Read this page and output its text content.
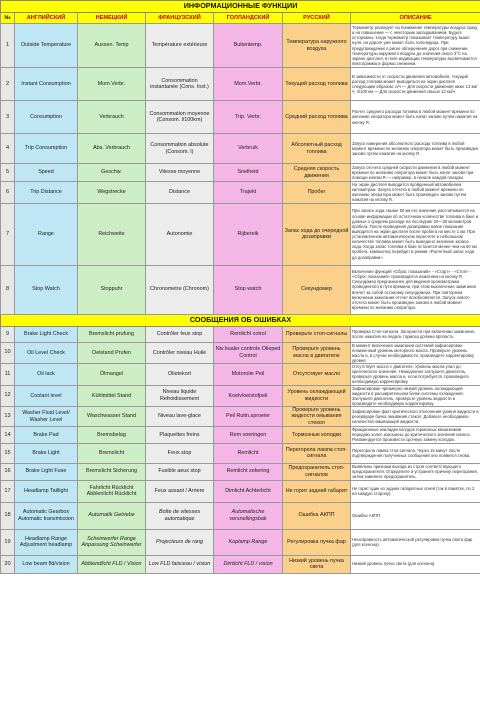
ИНФОРМАЦИОННЫЕ ФУНКЦИИ						
№	АНГЛИЙСКИЙ	НЕМЕЦКИЙ	ФРАНЦУЗСКИЙ	ГОЛЛАНДСКИЙ	РУССКИЙ	ОПИСАНИЕ
1	Outside Temperature	Aussen. Temp	Température extérieure	Buitentemp.	Температура наружного воздуха	Термометр реагирует на понижение температуры воздуха сразу, а на повышение — с некоторым запаздыванием. Будьте осторожны: когда термометр показывает температуру выше нуля, на дороге уже может быть гололедица. При предупреждении о риске обледенения дорог при снижении температуры наружного воздуха до значения около 3°C на экране дисплея, в поле индикации температуры высвечивается пиктограмма и формы снежинки.
2	Instant Consumption	Mom.Verbr.	Consommation instantanée (Cons. Inst.)	Mom.Verbr.	Текущий расход топлива	В зависимости от скорости движения автомобиля, текущий расход топлива может выводиться на экран дисплея следующим образом: л/ч — Для скорости движения ниже 13 км/ч; л/100 км — Для скорости движения свыше 13 км/ч.
3	Consumption	Verbrauch	Consommation moyenne (Consom. l/100km)	Trip. Verbr.	Средний расход топлива	Расчет среднего расхода топлива в любой момент времени по желанию оператора может быть начат заново путем нажатия на кнопку R.
4	Trip Consumption	Abs. Verbrauch	Consommation absolute (Consom. l)	Verbruik	Абсолютный расход топлива	Запуск измерения абсолютного расхода топлива в любой момент времени по желанию оператора может быть произведен заново путем нажатия на кнопку R.
5	Speed	Geschw.	Vitesse moyenne	Snelheid	Средняя скорость движения	Запуск отсчета средней скорости движения в любой момент времени по желанию оператора может быть начат заново при помощи кнопки R — например, в начале каждой поездки.
6	Trip Distance	Wegstrecke	Distance	Trajekt	Пробег	На экран дисплея выводится пройденный автомобилем километраж. Запуск отсчета в любой момент времени по желанию оператора может быть произведен заново путем нажатия на кнопку R.
7	Range	Reichweite	Autonomie	Rijbereik	Запас хода до очередной дозаправки	При запасе хода свыше 50 км его значение рассчитывается на основе информации об остаточном количестве топлива в баке и данных о среднем расходе на последние 20—30 километров пробега. После проведения дозаправки новое показание выводится на экран дисплея после пробега на месте 1 км. При установленном автоматическом пересчете и небольшом количестве топлива может быть выведено значение запаса хода. Когда запас топлива в баке останется менее чем на 50 км пробега, компьютер перейдет в режим «Расчетный запас хода до дозаправки».
8	Stop Watch	Stoppuhr	Chronometre (Chronom)	Stop watch	Секундомер	Включение функций «Сброс показаний» - «Старт» - «Стоп» - «Сброс показаний» производится нажатием на кнопку R. Секундомер предназначен для ведения хронометража проведенного в пути времени, при этом выключение зажигания влечет за собой остановку секундомера. При повторном включении зажигания отсчет возобновляется. Запуск нового отсчета может быть произведен заново в любой момент времени по желанию оператора.
СООБЩЕНИЯ ОБ ОШИБКАХ						
9	Brake Light Check	Bremslicht prufung	Contrôler feux stop	Remlicht cotrol	Проверьте стоп-сигналы	Проверка Стоп-сигнала. Загорается при включении зажигания, после нажатия на педаль тормоза должна пропасть.
10	Oil Level Check	Oelstand Prufen	Contrôler niveau Huile	Niv.hualer controle Olieped Control	Проверьте уровень масла в двигателе	В момент включения зажигания системой зафиксирован пониженный уровень моторного масла. Проверьте уровень масла и, в случае необходимости, произведите корректировку уровня.
11	Oil lack	Ölmangel	Olietekort	Motorolie Peil	Отсутствует масло	Отсутствует масло с двигателе. Уровень масла упал до критического значения. Немедленно заглушите двигатель, проверьте уровень масла и, если потребуется, произведите необходимую корректировку.
12	Coolant level	Kühlmittel Stand	Niveau liquide Refroidissement	Koelvloeistofpeil	Уровень охлаждающей жидкости	Зафиксирован чрезмерно низкий уровень охлаждающей жидкости в расширительном бачке системы охлаждения. Заглушите двигатель, проверьте уровень жидкости и произведите необходимую корректировку.
13	Washer Fluid Level/ Washer Level	Waschwasser Stand	Niveau lave-glace	Peil Ruitn.sproeier	Проверьте уровень жидкости омывания стекол	Зафиксирован факт критического отклонения уровня жидкости в резервуаре бачка омывания стекол. Добавьте необходимое количество омывающей жидкости.
14	Brake Pad	Bremsbelag	Plaquettes freins	Rem voeringen	Тормозные колодки	Фрикционные накладки колодок тормозных механизмов передних колес изношены до критического значения износа. Рекомендуется произвести срочную замену колодок.
15	Brake Light	Bremslicht	Feux stop	Remlicht	Перегорела лампа стоп-сигнала	Перегорела лампа стоп-сигнала. Через 15 минут после подтверждения полученных сообщений оно появится снова.
16	Brake Light Fuse	Bremslicht Sicherung	Fusible aeux stop	Remlicht zekering	Предохранитель стоп-сигналов	Выявлены признаки выхода из строя соответствующего предохранителя. Определите и устраните причину перегорания, затем замените предохранитель.
17	Headlamp Taillight	Fahrlicht Rücklicht Abblenlicht Rücklicht	Feux assant / Arriere	Dimlicht Achterlicht	Не горит задний габарит	Не горит один из задних габаритных огней (так в памятке, по 2 на каждую сторону).
18	Automatic Gearbox Automatic transmission	Automatik Getriebe	Boîte de vitesses automatique	Automatische versnellingsbak	Ошибка АКПП	Ошибка АКПП.
19	Headlamp Range Adjustment headlamp	Scheinwerfer Range Anpassung Scheinwerfer	Projecteurs de rang	Koplamp Range	Регулировка пучка фар	Неисправность автоматической регулировки пучка света фар (для ксенона).
20	Low beam fld/vision	Abblendlicht FLD / Vision	Low FLD faisceau / vision	Dimlicht FLD / vision	Низкий уровень пучка света	Низкий уровень пучка света (для ксенона).
